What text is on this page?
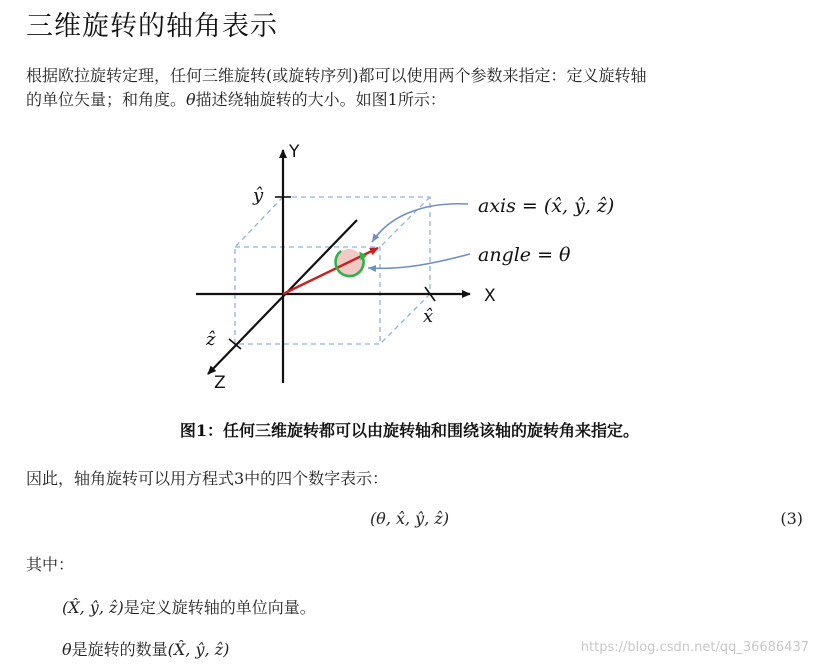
三维旋转的轴角表示
根据欧拉旋转定理，任何三维旋转(或旋转序列)都可以使用两个参数来指定：定义旋转轴
的单位矢量；和角度。θ描述绕轴旋转的大小。如图1所示：
Y
X
Z
ŷ
x̂
ẑ
axis = (x̂, ŷ, ẑ)
angle = θ
图1：任何三维旋转都可以由旋转轴和围绕该轴的旋转角来指定。
因此，轴角旋转可以用方程式3中的四个数字表示：
(θ, x̂, ŷ, ẑ)	(3)
其中：
(X̂, ŷ, ẑ)是定义旋转轴的单位向量。
θ是旋转的数量(X̂, ŷ, ẑ)	https://blog.csdn.net/qq_36686437
